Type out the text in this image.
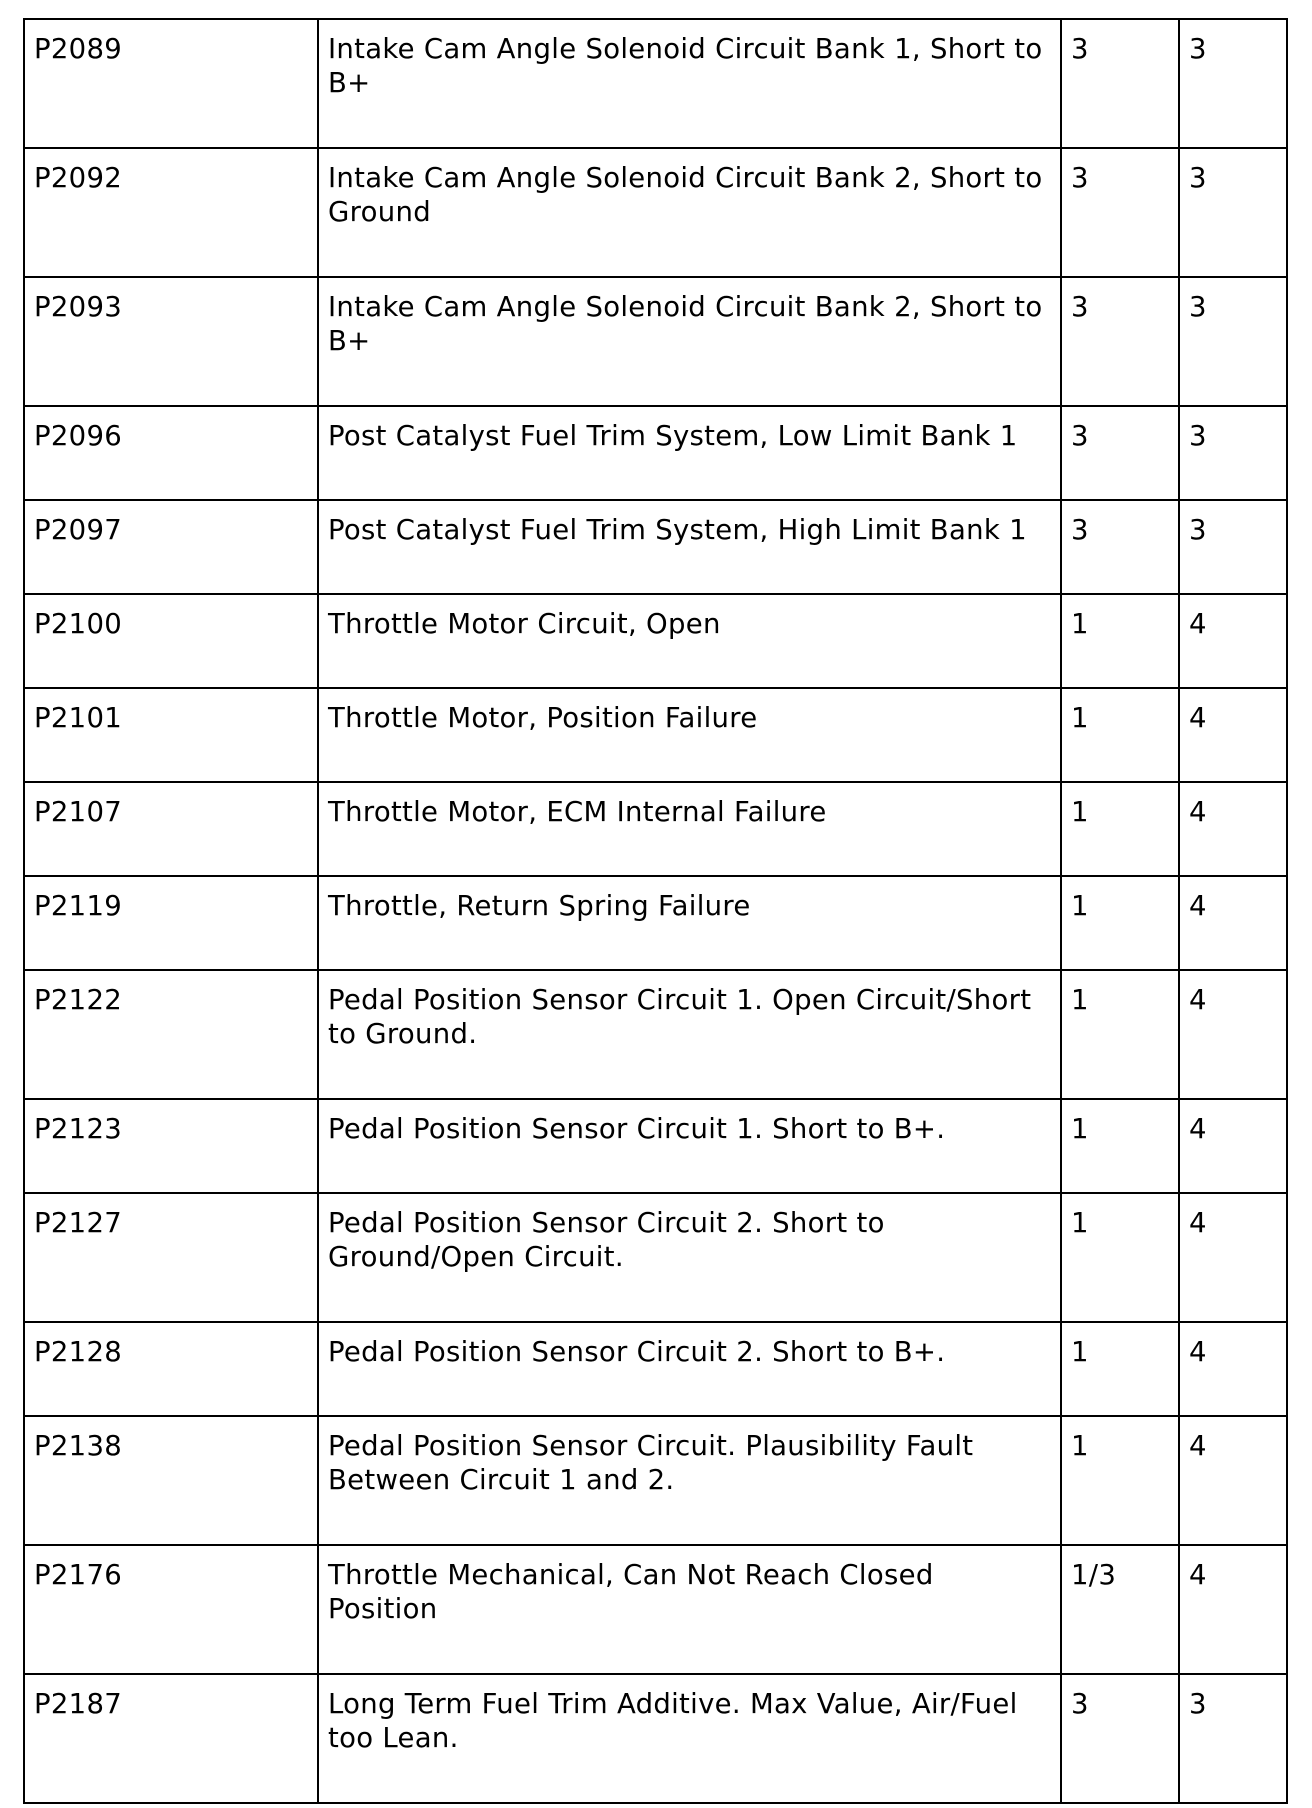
P2089	Intake Cam Angle Solenoid Circuit Bank 1, Short to B+	3	3
P2092	Intake Cam Angle Solenoid Circuit Bank 2, Short to Ground	3	3
P2093	Intake Cam Angle Solenoid Circuit Bank 2, Short to B+	3	3
P2096	Post Catalyst Fuel Trim System, Low Limit Bank 1	3	3
P2097	Post Catalyst Fuel Trim System, High Limit Bank 1	3	3
P2100	Throttle Motor Circuit, Open	1	4
P2101	Throttle Motor, Position Failure	1	4
P2107	Throttle Motor, ECM Internal Failure	1	4
P2119	Throttle, Return Spring Failure	1	4
P2122	Pedal Position Sensor Circuit 1. Open Circuit/Short to Ground.	1	4
P2123	Pedal Position Sensor Circuit 1. Short to B+.	1	4
P2127	Pedal Position Sensor Circuit 2. Short to Ground/Open Circuit.	1	4
P2128	Pedal Position Sensor Circuit 2. Short to B+.	1	4
P2138	Pedal Position Sensor Circuit. Plausibility Fault Between Circuit 1 and 2.	1	4
P2176	Throttle Mechanical, Can Not Reach Closed Position	1/3	4
P2187	Long Term Fuel Trim Additive. Max Value, Air/Fuel too Lean.	3	3
